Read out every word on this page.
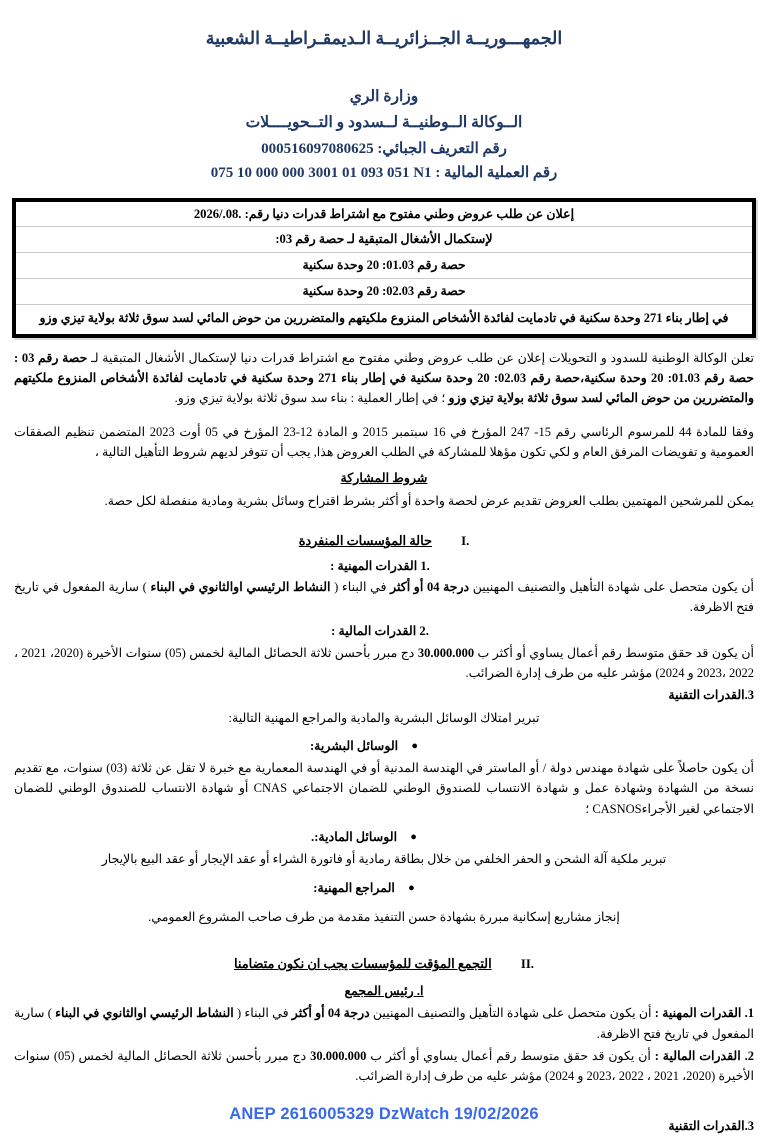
الجمهـــوريــة الجــزائريــة الـديمقـراطيــة الشعبية
وزارة الري
الــوكالة الــوطنيــة لــسدود و التــحويــــلات
رقم التعريف الجبائي: 000516097080625
رقم العملية المالية : 075 10 000 000 3001 01 093 051 N1
إعلان عن طلب عروض وطني مفتوح مع اشتراط قدرات دنيا رقم: .08./2026
لإستكمال الأشغال المتبقية لـ حصة رقم 03:
حصة رقم 01.03: 20 وحدة سكنية
حصة رقم 02.03: 20 وحدة سكنية
في إطار بناء 271 وحدة سكنية في تادمايت لفائدة الأشخاص المنزوع ملكيتهم والمتضررين من حوض المائي لسد سوق ثلاثة بولاية تيزي وزو

تعلن الوكالة الوطنية للسدود و التحويلات إعلان عن طلب عروض وطني مفتوح مع اشتراط قدرات دنيا لإستكمال الأشغال المتبقية لـ حصة رقم 03 : حصة رقم 01.03: 20 وحدة سكنية،حصة رقم 02.03: 20 وحدة سكنية في إطار بناء 271 وحدة سكنية في تادمايت لفائدة الأشخاص المنزوع ملكيتهم والمتضررين من حوض المائي لسد سوق ثلاثة بولاية تيزي وزو ؛ في إطار العملية : بناء سد سوق ثلاثة بولاية تيزي وزو.

وفقا للمادة 44 للمرسوم الرئاسي رقم 15- 247 المؤرخ في 16 سبتمبر 2015 و المادة 12-23 المؤرخ في 05 أوت 2023 المتضمن تنظيم الصفقات العمومية و تفويضات المرفق العام و لكي تكون مؤهلا للمشاركة في الطلب العروض هذا, يجب أن تتوفر لديهم شروط التأهيل التالية ،

شروط المشاركة

يمكن للمرشحين المهتمين بطلب العروض تقديم عرض لحصة واحدة أو أكثر بشرط اقتراح وسائل بشرية ومادية منفصلة لكل حصة.

I. حالة المؤسسات المنفردة
1. القدرات المهنية :

أن يكون متحصل على شهادة التأهيل والتصنيف المهنيين درجة 04 أو أكثر في البناء ( النشاط الرئيسي اوالثانوي في البناء ) سارية المفعول في تاريخ فتح الاظرفة.

2. القدرات المالية :

أن يكون قد حقق متوسط رقم أعمال يساوي أو أكثر ب 30.000.000 دج مبرر بأحسن ثلاثة الحصائل المالية لخمس (05) سنوات الأخيرة (2020، 2021 ، 2022 ،2023 و 2024) مؤشر عليه من طرف إدارة الضرائب.

3.القدرات التقنية

تبرير امتلاك الوسائل البشرية والمادية والمراجع المهنية التالية:

● الوسائل البشرية:

أن يكون حاصلاً على شهادة مهندس دولة / أو الماستر في الهندسة المدنية أو في الهندسة المعمارية مع خبرة لا تقل عن ثلاثة (03) سنوات، مع تقديم نسخة من الشهادة وشهادة عمل و شهادة الانتساب للصندوق الوطني للضمان الاجتماعي CNAS أو شهادة الانتساب للصندوق الوطني للضمان الاجتماعي لغير الأجراءCASNOS ؛

● الوسائل المادية:.

تبرير ملكية آلة الشحن و الحفر الخلفي من خلال بطاقة رمادية أو فاتورة الشراء أو عقد الإيجار أو عقد البيع بالإيجار

● المراجع المهنية:

إنجاز مشاريع إسكانية مبررة بشهادة حسن التنفيذ مقدمة من طرف صاحب المشروع العمومي.

II. التجمع المؤقت للمؤسسات يجب ان نكون متضامنا
ا. رئيس المجمع

1. القدرات المهنية : أن يكون متحصل على شهادة التأهيل والتصنيف المهنيين درجة 04 أو أكثر في البناء ( النشاط الرئيسي اوالثانوي في البناء ) سارية المفعول في تاريخ فتح الاظرفة.

2. القدرات المالية : أن يكون قد حقق متوسط رقم أعمال يساوي أو أكثر ب 30.000.000 دج مبرر بأحسن ثلاثة الحصائل المالية لخمس (05) سنوات الأخيرة (2020، 2021 ، 2022 ،2023 و 2024) مؤشر عليه من طرف إدارة الضرائب.

3.القدرات التقنية
ANEP 2616005329 DzWatch 19/02/2026
